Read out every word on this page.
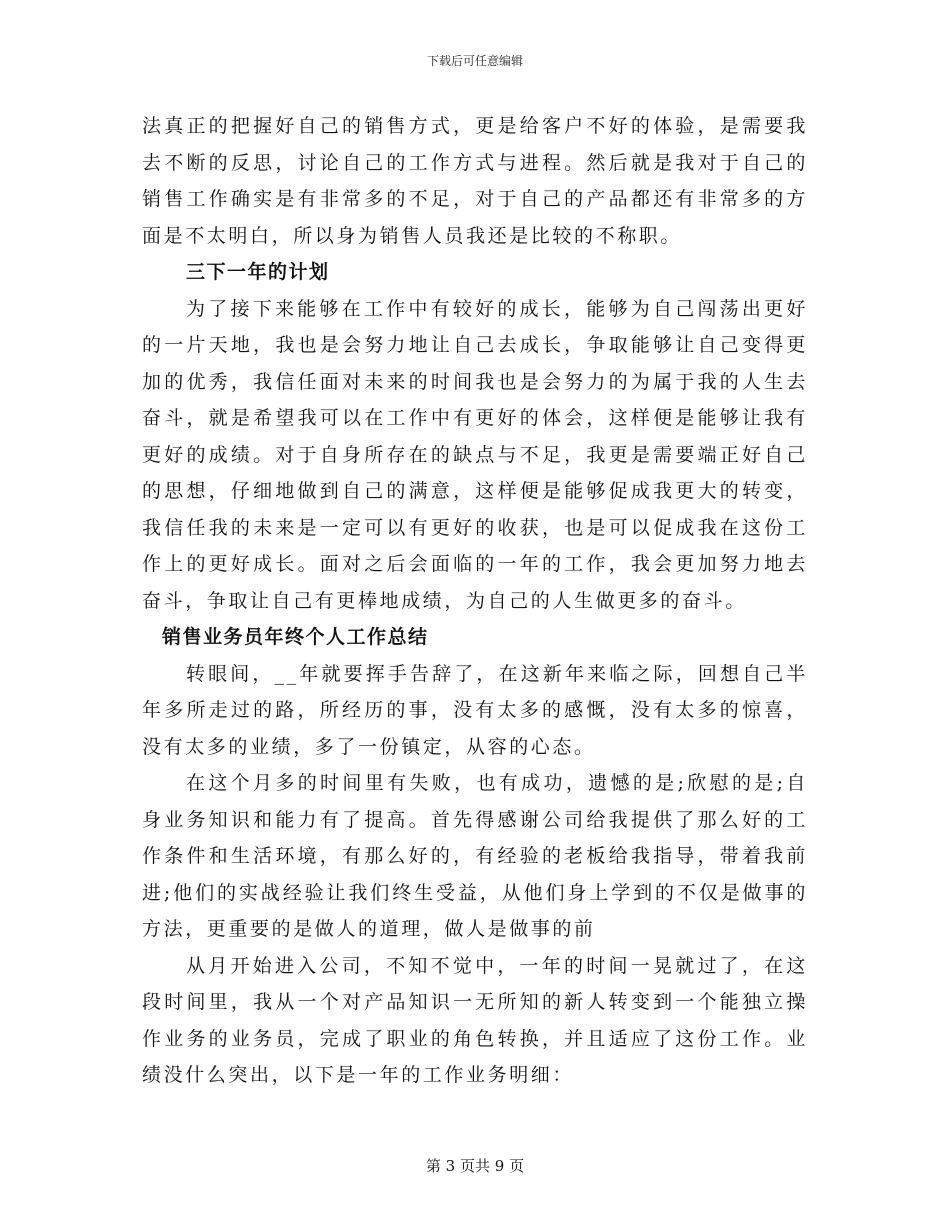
下载后可任意编辑

法真正的把握好自己的销售方式，更是给客户不好的体验，是需要我去不断的反思，讨论自己的工作方式与进程。然后就是我对于自己的销售工作确实是有非常多的不足，对于自己的产品都还有非常多的方面是不太明白，所以身为销售人员我还是比较的不称职。

三下一年的计划

为了接下来能够在工作中有较好的成长，能够为自己闯荡出更好的一片天地，我也是会努力地让自己去成长，争取能够让自己变得更加的优秀，我信任面对未来的时间我也是会努力的为属于我的人生去奋斗，就是希望我可以在工作中有更好的体会，这样便是能够让我有更好的成绩。对于自身所存在的缺点与不足，我更是需要端正好自己的思想，仔细地做到自己的满意，这样便是能够促成我更大的转变，我信任我的未来是一定可以有更好的收获，也是可以促成我在这份工作上的更好成长。面对之后会面临的一年的工作，我会更加努力地去奋斗，争取让自己有更棒地成绩，为自己的人生做更多的奋斗。

销售业务员年终个人工作总结

转眼间，__年就要挥手告辞了，在这新年来临之际，回想自己半年多所走过的路，所经历的事，没有太多的感慨，没有太多的惊喜，没有太多的业绩，多了一份镇定，从容的心态。

在这个月多的时间里有失败，也有成功，遗憾的是;欣慰的是;自身业务知识和能力有了提高。首先得感谢公司给我提供了那么好的工作条件和生活环境，有那么好的，有经验的老板给我指导，带着我前进;他们的实战经验让我们终生受益，从他们身上学到的不仅是做事的方法，更重要的是做人的道理，做人是做事的前

从月开始进入公司，不知不觉中，一年的时间一晃就过了，在这段时间里，我从一个对产品知识一无所知的新人转变到一个能独立操作业务的业务员，完成了职业的角色转换，并且适应了这份工作。业绩没什么突出，以下是一年的工作业务明细：

第 3 页共 9 页
